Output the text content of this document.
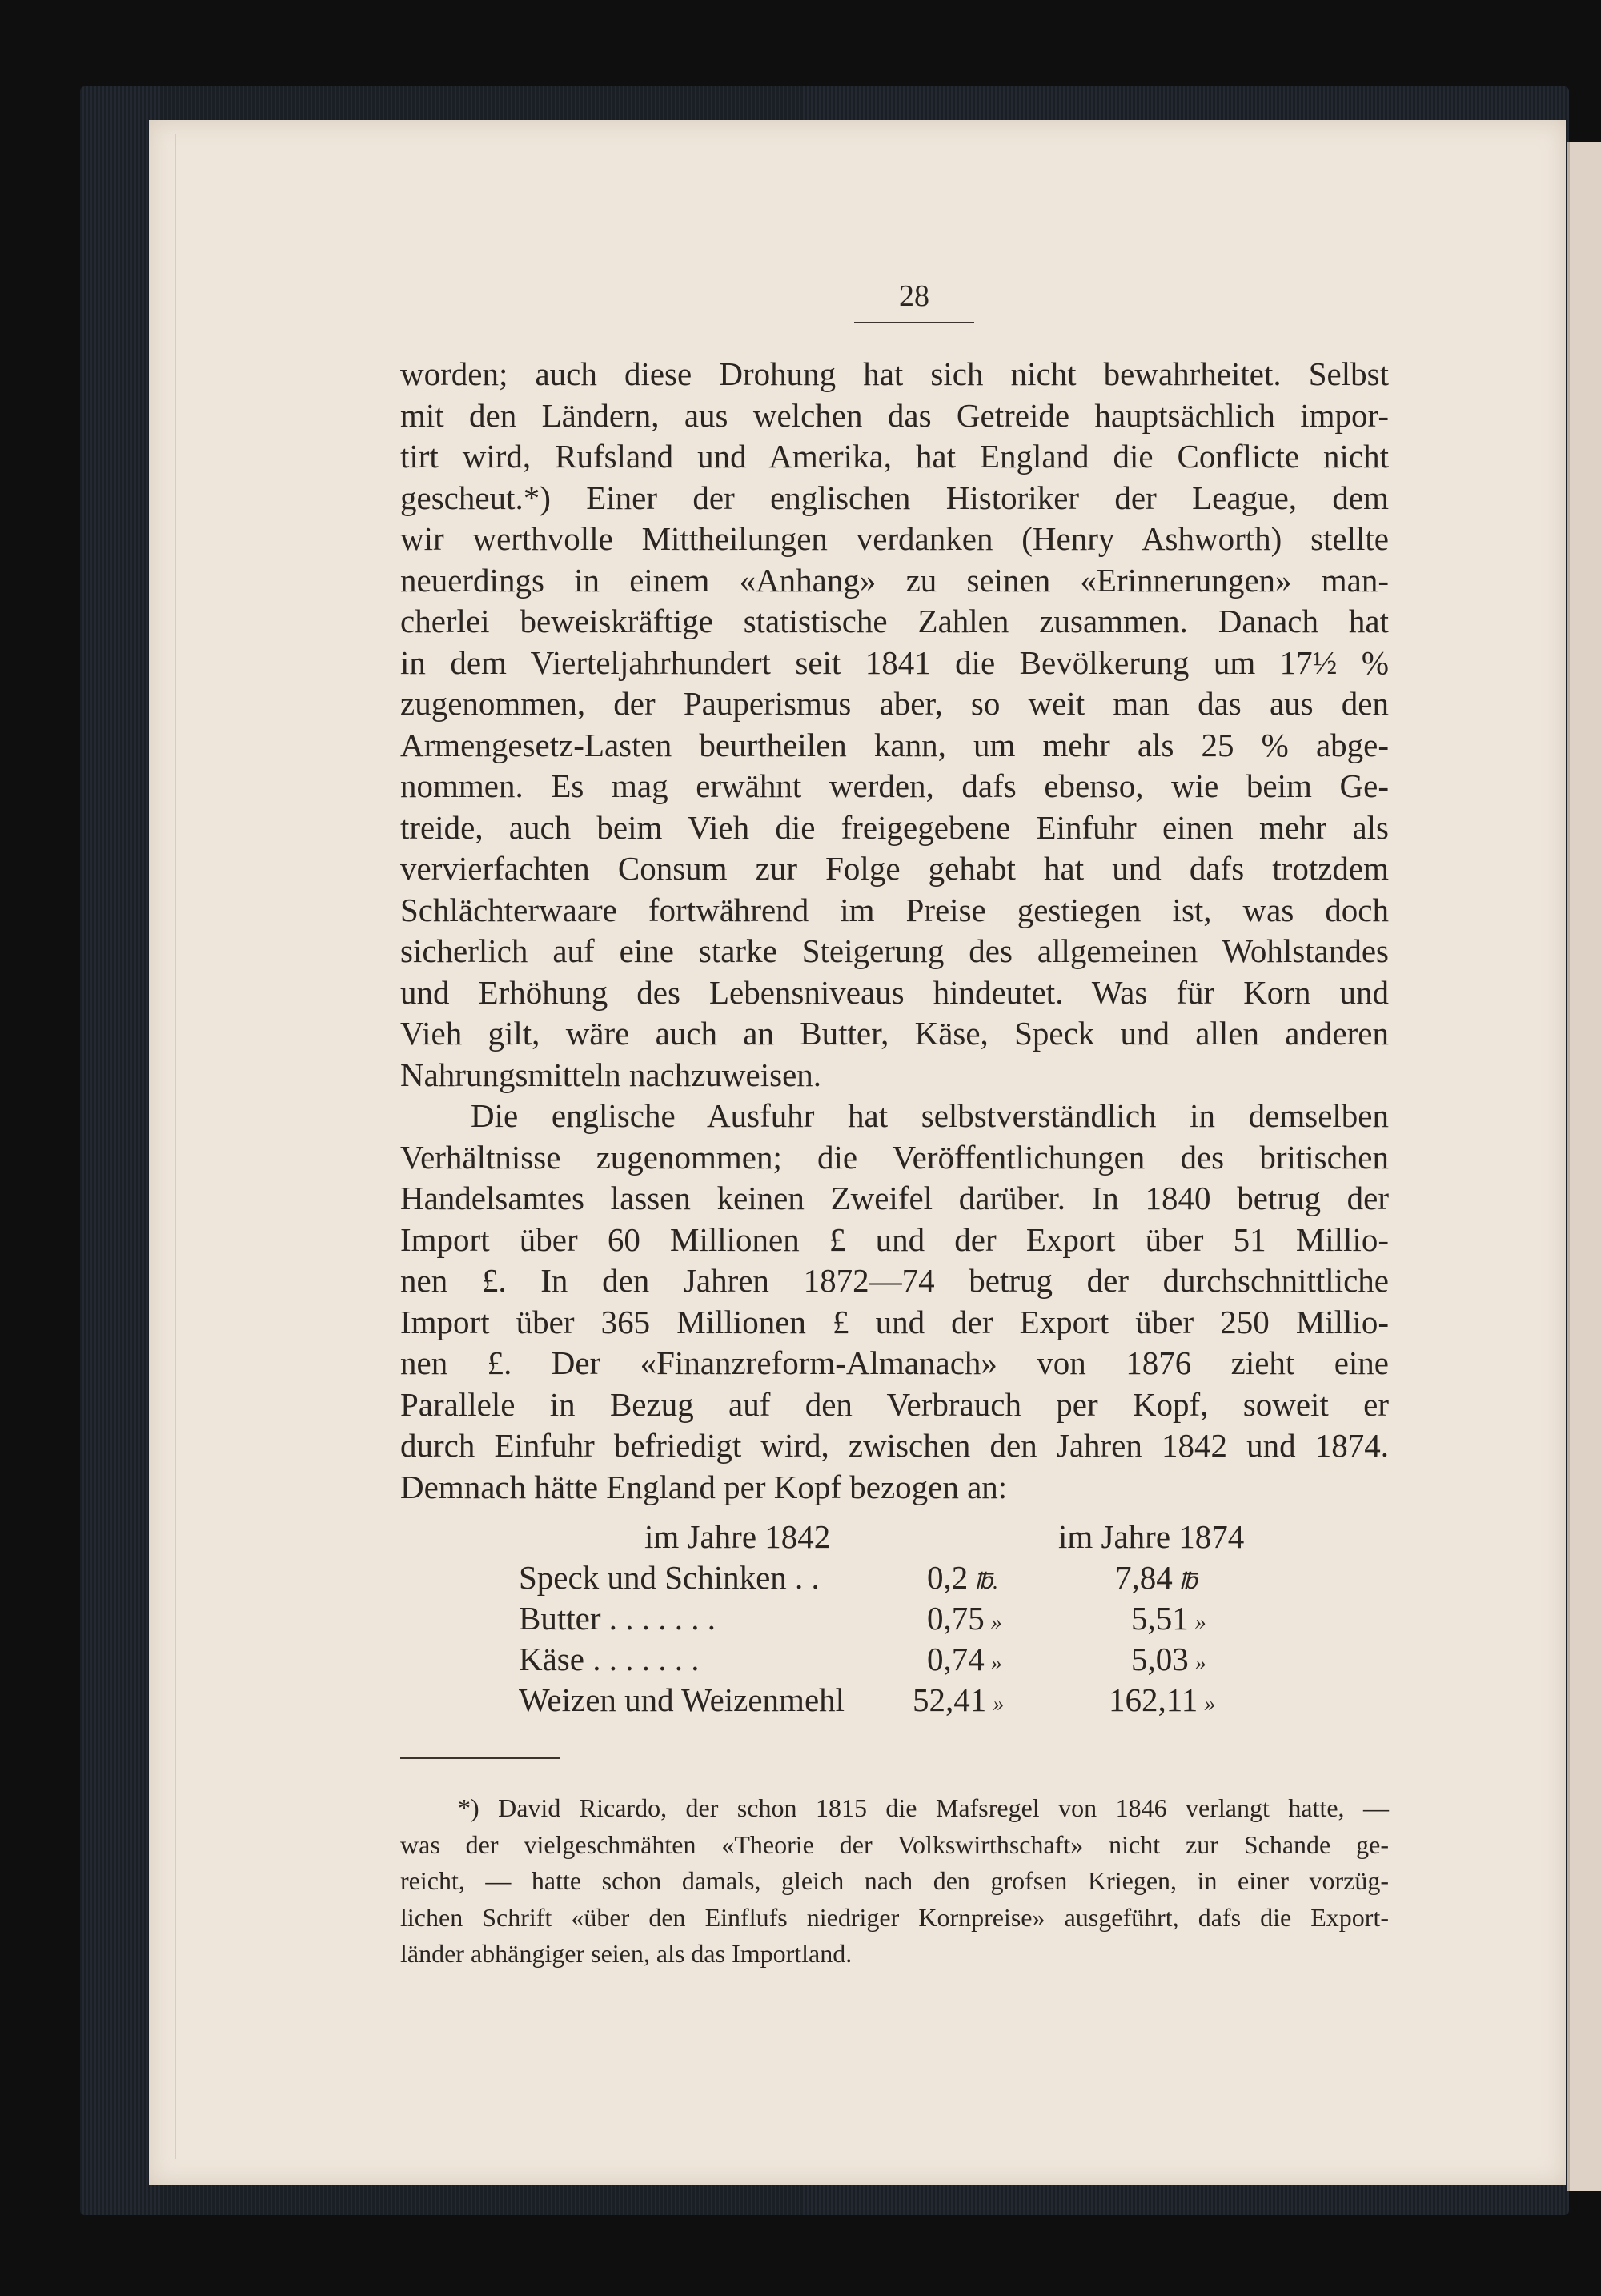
28
worden; auch diese Drohung hat sich nicht bewahrheitet. Selbst
mit den Ländern, aus welchen das Getreide hauptsächlich impor-
tirt wird, Rufsland und Amerika, hat England die Conflicte nicht
gescheut.*) Einer der englischen Historiker der League, dem
wir werthvolle Mittheilungen verdanken (Henry Ashworth) stellte
neuerdings in einem «Anhang» zu seinen «Erinnerungen» man-
cherlei beweiskräftige statistische Zahlen zusammen. Danach hat
in dem Vierteljahrhundert seit 1841 die Bevölkerung um 17½ %
zugenommen, der Pauperismus aber, so weit man das aus den
Armengesetz-Lasten beurtheilen kann, um mehr als 25 % abge-
nommen. Es mag erwähnt werden, dafs ebenso, wie beim Ge-
treide, auch beim Vieh die freigegebene Einfuhr einen mehr als
vervierfachten Consum zur Folge gehabt hat und dafs trotzdem
Schlächterwaare fortwährend im Preise gestiegen ist, was doch
sicherlich auf eine starke Steigerung des allgemeinen Wohlstandes
und Erhöhung des Lebensniveaus hindeutet. Was für Korn und
Vieh gilt, wäre auch an Butter, Käse, Speck und allen anderen
Nahrungsmitteln nachzuweisen.
Die englische Ausfuhr hat selbstverständlich in demselben
Verhältnisse zugenommen; die Veröffentlichungen des britischen
Handelsamtes lassen keinen Zweifel darüber. In 1840 betrug der
Import über 60 Millionen £ und der Export über 51 Millio-
nen £. In den Jahren 1872—74 betrug der durchschnittliche
Import über 365 Millionen £ und der Export über 250 Millio-
nen £. Der «Finanzreform-Almanach» von 1876 zieht eine
Parallele in Bezug auf den Verbrauch per Kopf, soweit er
durch Einfuhr befriedigt wird, zwischen den Jahren 1842 und 1874.
Demnach hätte England per Kopf bezogen an:
im Jahre 1842	im Jahre 1874
Speck und Schinken . .	0,2 ℔.	7,84 ℔
Butter . . . . . . .	0,75 »	5,51 »
Käse . . . . . . .	0,74 »	5,03 »
Weizen und Weizenmehl 52,41 »	162,11 »
*) David Ricardo, der schon 1815 die Mafsregel von 1846 verlangt hatte, —
was der vielgeschmähten «Theorie der Volkswirthschaft» nicht zur Schande ge-
reicht, — hatte schon damals, gleich nach den grofsen Kriegen, in einer vorzüg-
lichen Schrift «über den Einflufs niedriger Kornpreise» ausgeführt, dafs die Export-
länder abhängiger seien, als das Importland.
